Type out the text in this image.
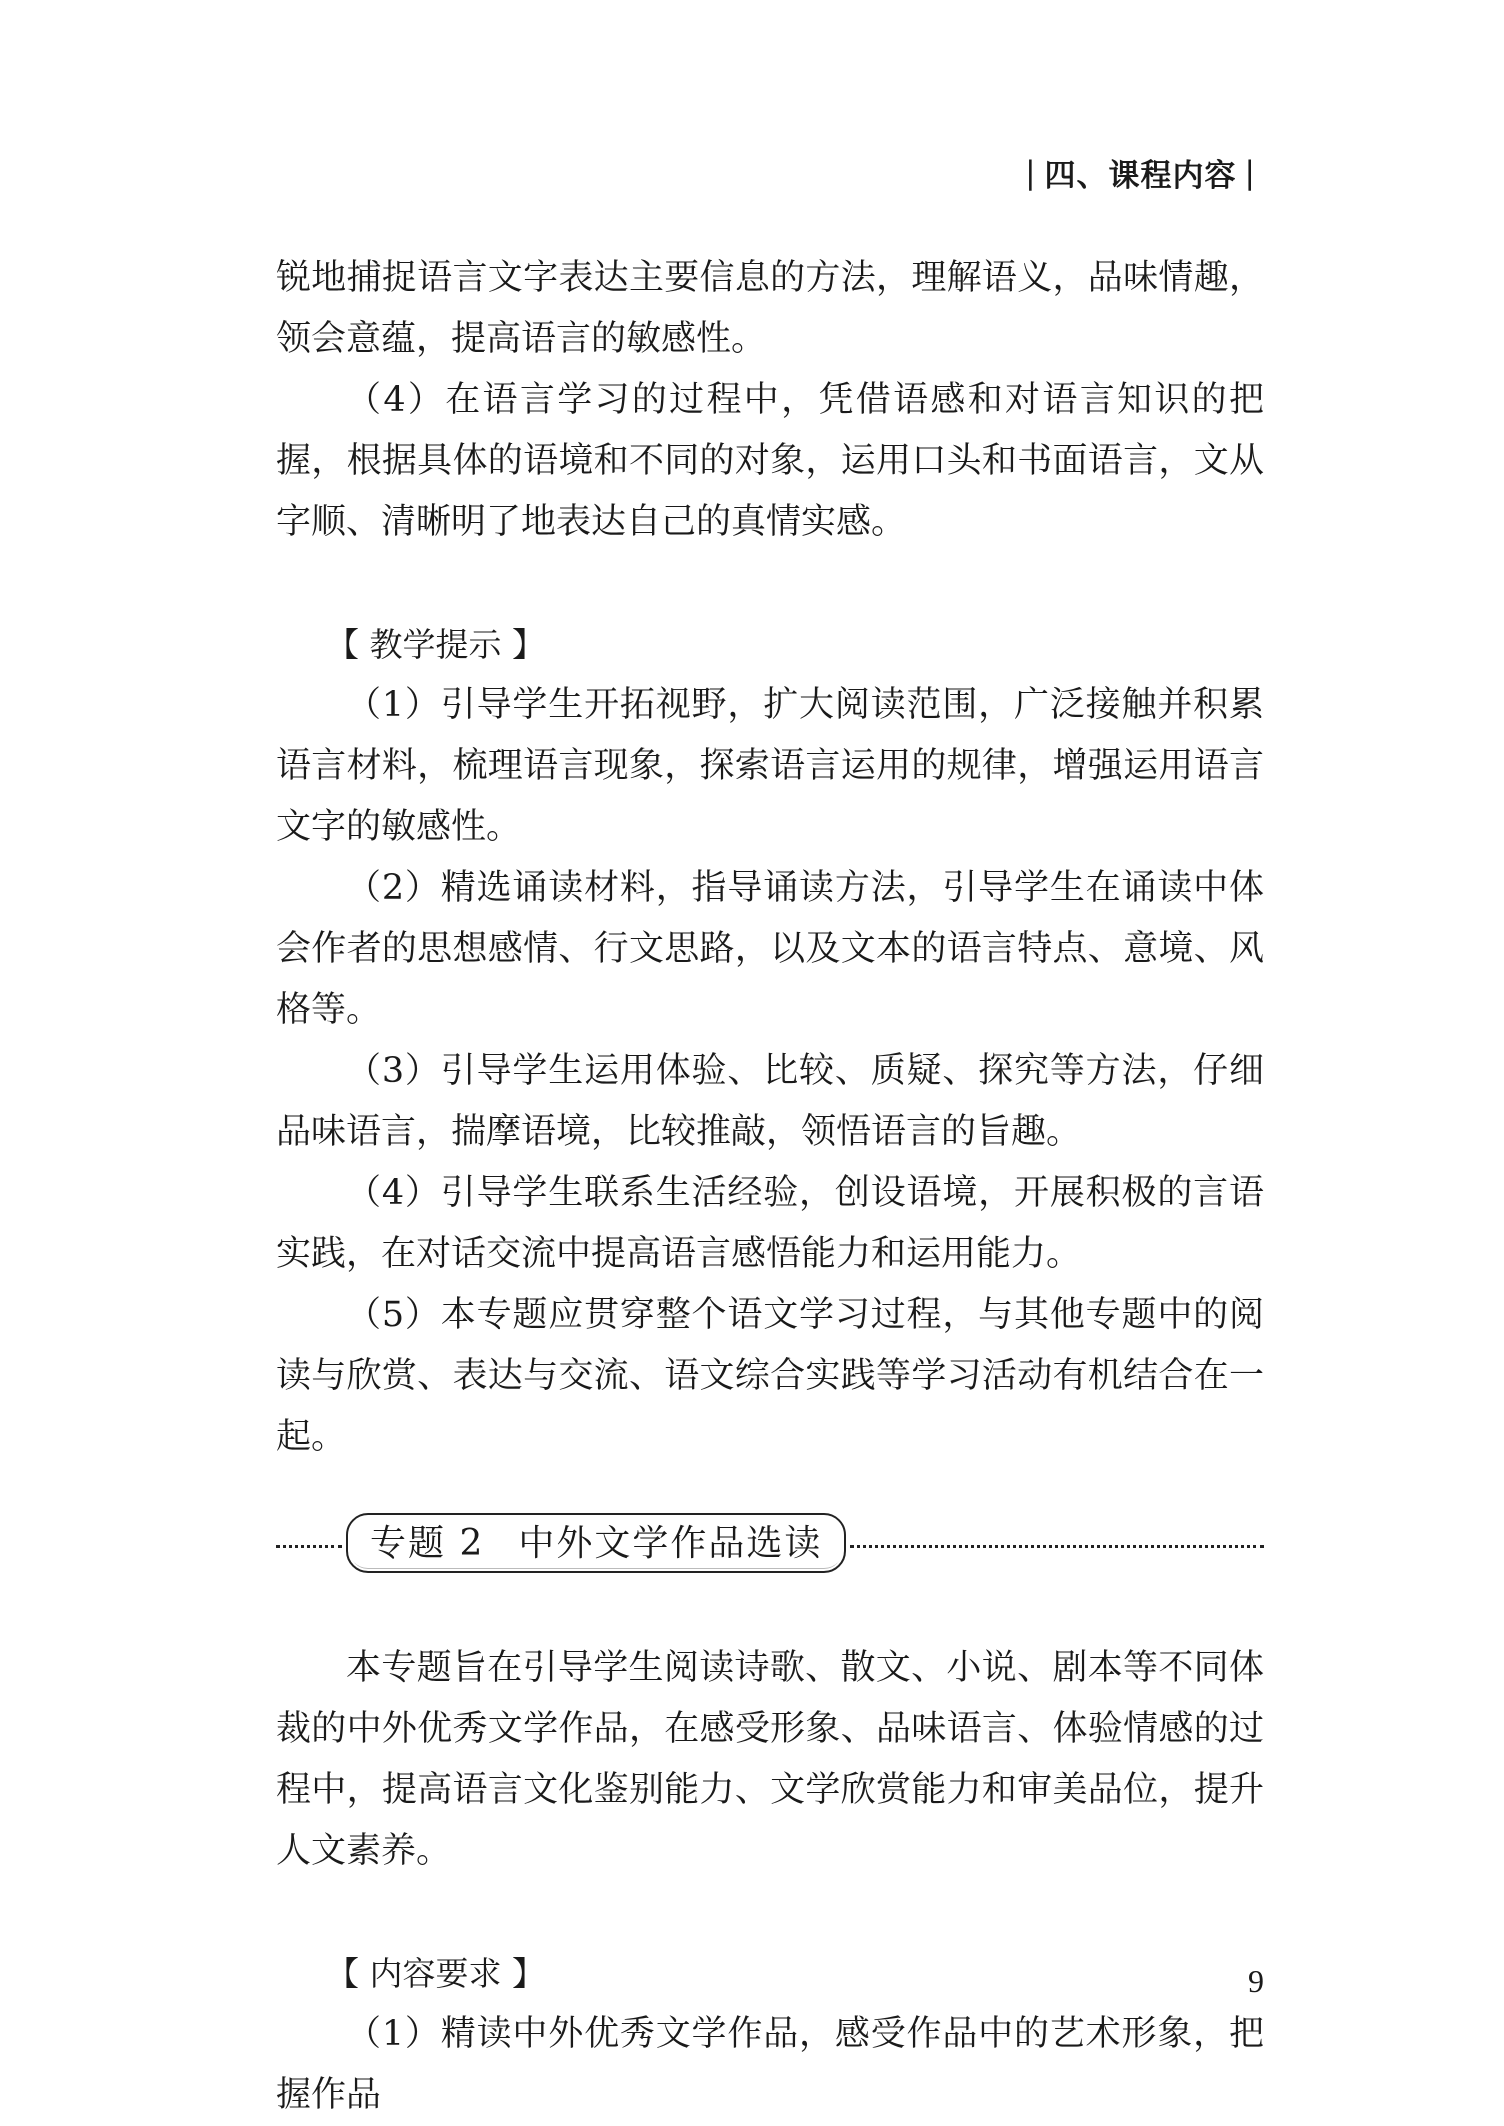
| 四、课程内容 |

锐地捕捉语言文字表达主要信息的方法，理解语义，品味情趣，领会意蕴，提高语言的敏感性。

（4）在语言学习的过程中，凭借语感和对语言知识的把握，根据具体的语境和不同的对象，运用口头和书面语言，文从字顺、清晰明了地表达自己的真情实感。

【 教学提示 】

（1）引导学生开拓视野，扩大阅读范围，广泛接触并积累语言材料，梳理语言现象，探索语言运用的规律，增强运用语言文字的敏感性。

（2）精选诵读材料，指导诵读方法，引导学生在诵读中体会作者的思想感情、行文思路，以及文本的语言特点、意境、风格等。

（3）引导学生运用体验、比较、质疑、探究等方法，仔细品味语言，揣摩语境，比较推敲，领悟语言的旨趣。

（4）引导学生联系生活经验，创设语境，开展积极的言语实践，在对话交流中提高语言感悟能力和运用能力。

（5）本专题应贯穿整个语文学习过程，与其他专题中的阅读与欣赏、表达与交流、语文综合实践等学习活动有机结合在一起。

专题 2 中外文学作品选读

本专题旨在引导学生阅读诗歌、散文、小说、剧本等不同体裁的中外优秀文学作品，在感受形象、品味语言、体验情感的过程中，提高语言文化鉴别能力、文学欣赏能力和审美品位，提升人文素养。

【 内容要求 】

（1）精读中外优秀文学作品，感受作品中的艺术形象，把握作品

9
